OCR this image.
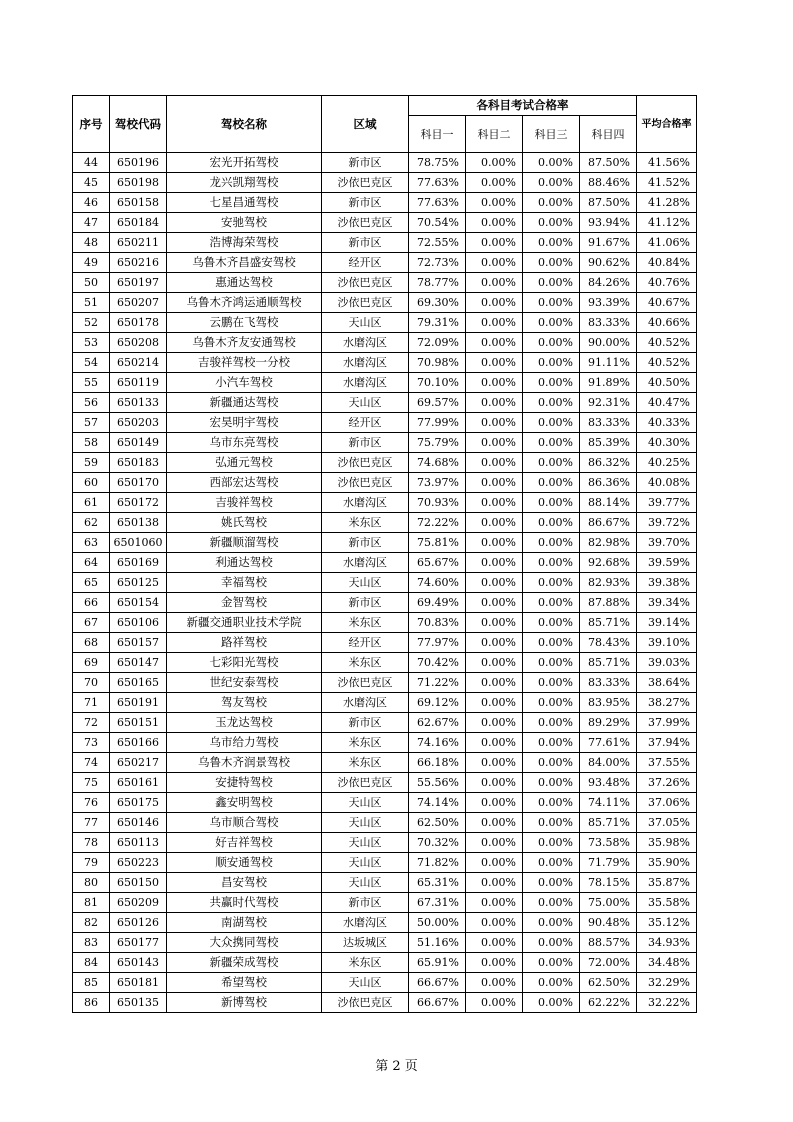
序号	驾校代码	驾校名称	区域	各科目考试合格率				平均合格率
				科目一	科目二	科目三	科目四	
44	650196	宏光开拓驾校	新市区	78.75%	0.00%	0.00%	87.50%	41.56%
45	650198	龙兴凯翔驾校	沙依巴克区	77.63%	0.00%	0.00%	88.46%	41.52%
46	650158	七星昌通驾校	新市区	77.63%	0.00%	0.00%	87.50%	41.28%
47	650184	安驰驾校	沙依巴克区	70.54%	0.00%	0.00%	93.94%	41.12%
48	650211	浩博海荣驾校	新市区	72.55%	0.00%	0.00%	91.67%	41.06%
49	650216	乌鲁木齐昌盛安驾校	经开区	72.73%	0.00%	0.00%	90.62%	40.84%
50	650197	惠通达驾校	沙依巴克区	78.77%	0.00%	0.00%	84.26%	40.76%
51	650207	乌鲁木齐鸿运通顺驾校	沙依巴克区	69.30%	0.00%	0.00%	93.39%	40.67%
52	650178	云鹏在飞驾校	天山区	79.31%	0.00%	0.00%	83.33%	40.66%
53	650208	乌鲁木齐友安通驾校	水磨沟区	72.09%	0.00%	0.00%	90.00%	40.52%
54	650214	吉骏祥驾校一分校	水磨沟区	70.98%	0.00%	0.00%	91.11%	40.52%
55	650119	小汽车驾校	水磨沟区	70.10%	0.00%	0.00%	91.89%	40.50%
56	650133	新疆通达驾校	天山区	69.57%	0.00%	0.00%	92.31%	40.47%
57	650203	宏昊明宇驾校	经开区	77.99%	0.00%	0.00%	83.33%	40.33%
58	650149	乌市东亮驾校	新市区	75.79%	0.00%	0.00%	85.39%	40.30%
59	650183	弘通元驾校	沙依巴克区	74.68%	0.00%	0.00%	86.32%	40.25%
60	650170	西部宏达驾校	沙依巴克区	73.97%	0.00%	0.00%	86.36%	40.08%
61	650172	吉骏祥驾校	水磨沟区	70.93%	0.00%	0.00%	88.14%	39.77%
62	650138	姚氏驾校	米东区	72.22%	0.00%	0.00%	86.67%	39.72%
63	6501060	新疆顺溜驾校	新市区	75.81%	0.00%	0.00%	82.98%	39.70%
64	650169	利通达驾校	水磨沟区	65.67%	0.00%	0.00%	92.68%	39.59%
65	650125	幸福驾校	天山区	74.60%	0.00%	0.00%	82.93%	39.38%
66	650154	金智驾校	新市区	69.49%	0.00%	0.00%	87.88%	39.34%
67	650106	新疆交通职业技术学院	米东区	70.83%	0.00%	0.00%	85.71%	39.14%
68	650157	路祥驾校	经开区	77.97%	0.00%	0.00%	78.43%	39.10%
69	650147	七彩阳光驾校	米东区	70.42%	0.00%	0.00%	85.71%	39.03%
70	650165	世纪安泰驾校	沙依巴克区	71.22%	0.00%	0.00%	83.33%	38.64%
71	650191	驾友驾校	水磨沟区	69.12%	0.00%	0.00%	83.95%	38.27%
72	650151	玉龙达驾校	新市区	62.67%	0.00%	0.00%	89.29%	37.99%
73	650166	乌市给力驾校	米东区	74.16%	0.00%	0.00%	77.61%	37.94%
74	650217	乌鲁木齐润景驾校	米东区	66.18%	0.00%	0.00%	84.00%	37.55%
75	650161	安捷特驾校	沙依巴克区	55.56%	0.00%	0.00%	93.48%	37.26%
76	650175	鑫安明驾校	天山区	74.14%	0.00%	0.00%	74.11%	37.06%
77	650146	乌市顺合驾校	天山区	62.50%	0.00%	0.00%	85.71%	37.05%
78	650113	好吉祥驾校	天山区	70.32%	0.00%	0.00%	73.58%	35.98%
79	650223	顺安通驾校	天山区	71.82%	0.00%	0.00%	71.79%	35.90%
80	650150	昌安驾校	天山区	65.31%	0.00%	0.00%	78.15%	35.87%
81	650209	共赢时代驾校	新市区	67.31%	0.00%	0.00%	75.00%	35.58%
82	650126	南湖驾校	水磨沟区	50.00%	0.00%	0.00%	90.48%	35.12%
83	650177	大众携同驾校	达坂城区	51.16%	0.00%	0.00%	88.57%	34.93%
84	650143	新疆荣成驾校	米东区	65.91%	0.00%	0.00%	72.00%	34.48%
85	650181	希望驾校	天山区	66.67%	0.00%	0.00%	62.50%	32.29%
86	650135	新博驾校	沙依巴克区	66.67%	0.00%	0.00%	62.22%	32.22%
第 2 页
